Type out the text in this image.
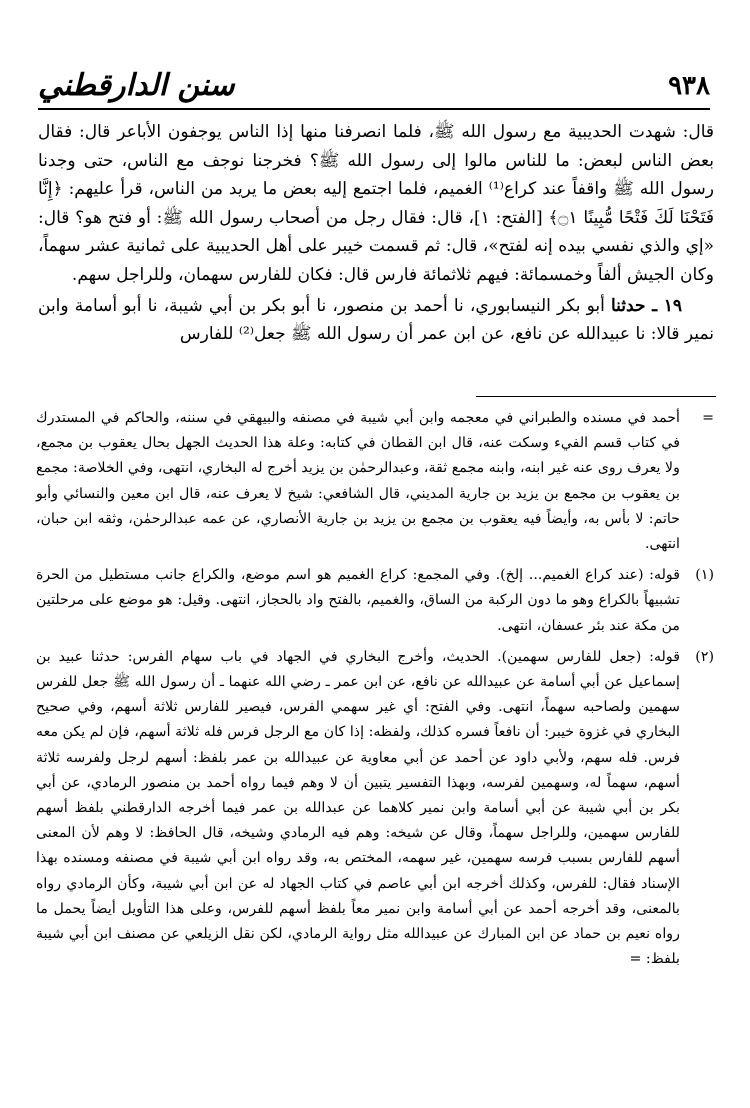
سنن الدارقطني	٩٣٨

قال: شهدت الحديبية مع رسول الله ﷺ، فلما انصرفنا منها إذا الناس يوجفون الأباعر قال: فقال بعض الناس لبعض: ما للناس مالوا إلى رسول الله ﷺ؟ فخرجنا نوجف مع الناس، حتى وجدنا رسول الله ﷺ واقفاً عند كراع⁽¹⁾ الغميم، فلما اجتمع إليه بعض ما يريد من الناس، قرأ عليهم: ﴿إِنَّا فَتَحْنَا لَكَ فَتْحًا مُّبِينًا ۝١﴾ [الفتح: ١]، قال: فقال رجل من أصحاب رسول الله ﷺ: أو فتح هو؟ قال: «إي والذي نفسي بيده إنه لفتح»، قال: ثم قسمت خيبر على أهل الحديبية على ثمانية عشر سهماً، وكان الجيش ألفاً وخمسمائة: فيهم ثلاثمائة فارس قال: فكان للفارس سهمان، وللراجل سهم.

١٩ ـ حدثنا أبو بكر النيسابوري، نا أحمد بن منصور، نا أبو بكر بن أبي شيبة، نا أبو أسامة وابن نمير قالا: نا عبيدالله عن نافع، عن ابن عمر أن رسول الله ﷺ جعل⁽²⁾ للفارس

=

أحمد في مسنده والطبراني في معجمه وابن أبي شيبة في مصنفه والبيهقي في سننه، والحاكم في المستدرك في كتاب قسم الفيء وسكت عنه، قال ابن القطان في كتابه: وعلة هذا الحديث الجهل بحال يعقوب بن مجمع، ولا يعرف روى عنه غير ابنه، وابنه مجمع ثقة، وعبدالرحمٰن بن يزيد أخرج له البخاري، انتهى، وفي الخلاصة: مجمع بن يعقوب بن مجمع بن يزيد بن جارية المديني، قال الشافعي: شيخ لا يعرف عنه، قال ابن معين والنسائي وأبو حاتم: لا بأس به، وأيضاً فيه يعقوب بن مجمع بن يزيد بن جارية الأنصاري، عن عمه عبدالرحمٰن، وثقه ابن حبان، انتهى.

(١)

قوله: (عند كراع الغميم... إلخ). وفي المجمع: كراع الغميم هو اسم موضع، والكراع جانب مستطيل من الحرة تشبيهاً بالكراع وهو ما دون الركبة من الساق، والغميم، بالفتح واد بالحجاز، انتهى. وقيل: هو موضع على مرحلتين من مكة عند بئر عسفان، انتهى.

(٢)

قوله: (جعل للفارس سهمين). الحديث، وأخرج البخاري في الجهاد في باب سهام الفرس: حدثنا عبيد بن إسماعيل عن أبي أسامة عن عبيدالله عن نافع، عن ابن عمر ـ رضي الله عنهما ـ أن رسول الله ﷺ جعل للفرس سهمين ولصاحبه سهماً، انتهى. وفي الفتح: أي غير سهمي الفرس، فيصير للفارس ثلاثة أسهم، وفي صحيح البخاري في غزوة خيبر: أن نافعاً فسره كذلك، ولفظه: إذا كان مع الرجل فرس فله ثلاثة أسهم، فإن لم يكن معه فرس. فله سهم، ولأبي داود عن أحمد عن أبي معاوية عن عبيدالله بن عمر بلفظ: أسهم لرجل ولفرسه ثلاثة أسهم، سهماً له، وسهمين لفرسه، وبهذا التفسير يتبين أن لا وهم فيما رواه أحمد بن منصور الرمادي، عن أبي بكر بن أبي شيبة عن أبي أسامة وابن نمير كلاهما عن عبدالله بن عمر فيما أخرجه الدارقطني بلفظ أسهم للفارس سهمين، وللراجل سهماً، وقال عن شيخه: وهم فيه الرمادي وشيخه، قال الحافظ: لا وهم لأن المعنى أسهم للفارس بسبب فرسه سهمين، غير سهمه، المختص به، وقد رواه ابن أبي شيبة في مصنفه ومسنده بهذا الإسناد فقال: للفرس، وكذلك أخرجه ابن أبي عاصم في كتاب الجهاد له عن ابن أبي شيبة، وكأن الرمادي رواه بالمعنى، وقد أخرجه أحمد عن أبي أسامة وابن نمير معاً بلفظ أسهم للفرس، وعلى هذا التأويل أيضاً يحمل ما رواه نعيم بن حماد عن ابن المبارك عن عبيدالله مثل رواية الرمادي، لكن نقل الزيلعي عن مصنف ابن أبي شيبة بلفظ: =
